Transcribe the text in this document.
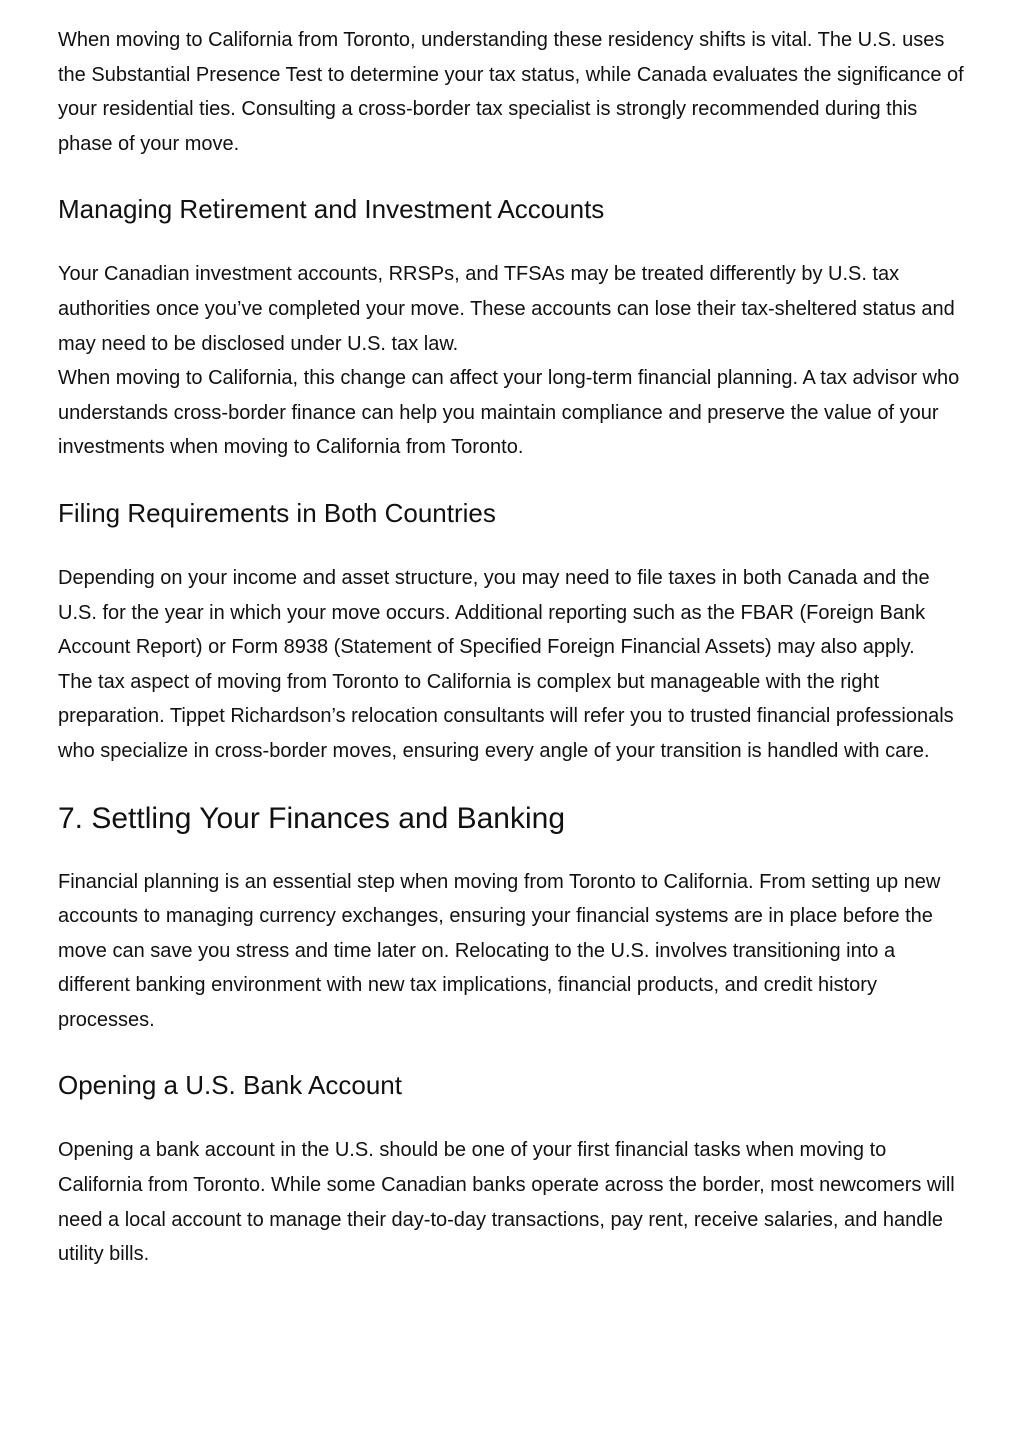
When moving to California from Toronto, understanding these residency shifts is vital. The U.S. uses the Substantial Presence Test to determine your tax status, while Canada evaluates the significance of your residential ties. Consulting a cross-border tax specialist is strongly recommended during this phase of your move.

Managing Retirement and Investment Accounts

Your Canadian investment accounts, RRSPs, and TFSAs may be treated differently by U.S. tax authorities once you’ve completed your move. These accounts can lose their tax-sheltered status and may need to be disclosed under U.S. tax law.

When moving to California, this change can affect your long-term financial planning. A tax advisor who understands cross-border finance can help you maintain compliance and preserve the value of your investments when moving to California from Toronto.

Filing Requirements in Both Countries

Depending on your income and asset structure, you may need to file taxes in both Canada and the U.S. for the year in which your move occurs. Additional reporting such as the FBAR (Foreign Bank Account Report) or Form 8938 (Statement of Specified Foreign Financial Assets) may also apply.

The tax aspect of moving from Toronto to California is complex but manageable with the right preparation. Tippet Richardson’s relocation consultants will refer you to trusted financial professionals who specialize in cross-border moves, ensuring every angle of your transition is handled with care.

7. Settling Your Finances and Banking

Financial planning is an essential step when moving from Toronto to California. From setting up new accounts to managing currency exchanges, ensuring your financial systems are in place before the move can save you stress and time later on. Relocating to the U.S. involves transitioning into a different banking environment with new tax implications, financial products, and credit history processes.

Opening a U.S. Bank Account

Opening a bank account in the U.S. should be one of your first financial tasks when moving to California from Toronto. While some Canadian banks operate across the border, most newcomers will need a local account to manage their day-to-day transactions, pay rent, receive salaries, and handle utility bills.
